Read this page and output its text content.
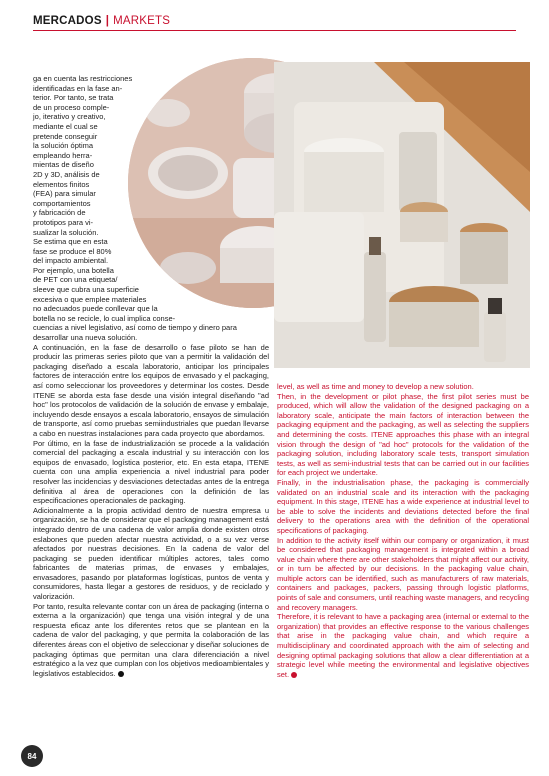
MERCADOS | MARKETS

ga en cuenta las restricciones
identificadas en la fase an-
terior. Por tanto, se trata
de un proceso comple-
jo, iterativo y creativo,
mediante el cual se
pretende conseguir
la solución óptima
empleando herra-
mientas de diseño
2D y 3D, análisis de
elementos finitos
(FEA) para simular
comportamientos
y fabricación de
prototipos para vi-
sualizar la solución.
Se estima que en esta
fase se produce el 80%
del impacto ambiental.
Por ejemplo, una botella
de PET con una etiqueta/
sleeve que cubra una superficie
excesiva o que emplee materiales
no adecuados puede conllevar que la
botella no se recicle, lo cual implica conse-
cuencias a nivel legislativo, así como de tiempo y dinero para
desarrollar una nueva solución.

A continuación, en la fase de desarrollo o fase piloto se han de producir las primeras series piloto que van a permitir la validación del packaging diseñado a escala laboratorio, anticipar los principales factores de interacción entre los equipos de envasado y el packaging, así como seleccionar los proveedores y determinar los costes. Desde ITENE se aborda esta fase desde una visión integral diseñando "ad hoc" los protocolos de validación de la solución de envase y embalaje, incluyendo desde ensayos a escala laboratorio, ensayos de simulación de transporte, así como pruebas semiindustriales que puedan llevarse a cabo en nuestras instalaciones para cada proyecto que abordamos.

Por último, en la fase de industrialización se procede a la validación comercial del packaging a escala industrial y su interacción con los equipos de envasado, logística posterior, etc. En esta etapa, ITENE cuenta con una amplia experiencia a nivel industrial para poder resolver las incidencias y desviaciones detectadas antes de la entrega definitiva al área de operaciones con la definición de las especificaciones operacionales de packaging.

Adicionalmente a la propia actividad dentro de nuestra empresa u organización, se ha de considerar que el packaging management está integrado dentro de una cadena de valor amplia donde existen otros eslabones que pueden afectar nuestra actividad, o a su vez verse afectados por nuestras decisiones. En la cadena de valor del packaging se pueden identificar múltiples actores, tales como fabricantes de materias primas, de envases y embalajes, envasadores, pasando por plataformas logísticas, puntos de venta y consumidores, hasta llegar a gestores de residuos, y de reciclado y valorización.

Por tanto, resulta relevante contar con un área de packaging (interna o externa a la organización) que tenga una visión integral y de una respuesta eficaz ante los diferentes retos que se plantean en la cadena de valor del packaging, y que permita la colaboración de las diferentes áreas con el objetivo de seleccionar y diseñar soluciones de packaging óptimas que permitan una clara diferenciación a nivel estratégico a la vez que cumplan con los objetivos medioambientales y legislativos establecidos.

level, as well as time and money to develop a new solution.

Then, in the development or pilot phase, the first pilot series must be produced, which will allow the validation of the designed packaging on a laboratory scale, anticipate the main factors of interaction between the packaging equipment and the packaging, as well as selecting the suppliers and determining the costs. ITENE approaches this phase with an integral vision through the design of "ad hoc" protocols for the validation of the packaging solution, including laboratory scale tests, transport simulation tests, as well as semi-industrial tests that can be carried out in our facilities for each project we undertake.

Finally, in the industrialisation phase, the packaging is commercially validated on an industrial scale and its interaction with the packaging equipment. In this stage, ITENE has a wide experience at industrial level to be able to solve the incidents and deviations detected before the final delivery to the operations area with the definition of the operational specifications of packaging.

In addition to the activity itself within our company or organization, it must be considered that packaging management is integrated within a broad value chain where there are other stakeholders that might affect our activity, or in turn be affected by our decisions. In the packaging value chain, multiple actors can be identified, such as manufacturers of raw materials, containers and packages, packers, passing through logistic platforms, points of sale and consumers, until reaching waste managers, and recycling and recovery managers.

Therefore, it is relevant to have a packaging area (internal or external to the organization) that provides an effective response to the various challenges that arise in the packaging value chain, and which require a multidisciplinary and coordinated approach with the aim of selecting and designing optimal packaging solutions that allow a clear differentiation at a strategic level while meeting the environmental and legislative objectives set.

84
